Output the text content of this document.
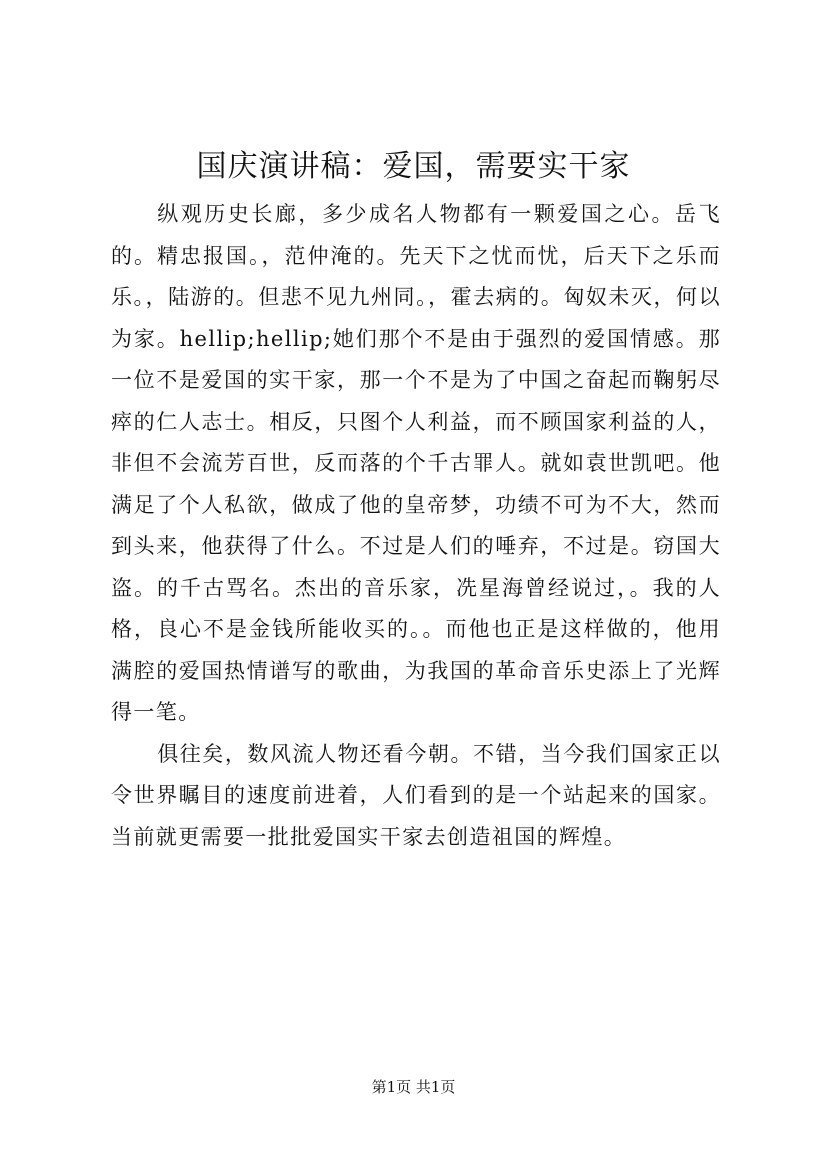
国庆演讲稿：爱国，需要实干家

纵观历史长廊，多少成名人物都有一颗爱国之心。岳飞的。精忠报国。，范仲淹的。先天下之忧而忧，后天下之乐而乐。，陆游的。但悲不见九州同。，霍去病的。匈奴未灭，何以为家。hellip;hellip;她们那个不是由于强烈的爱国情感。那一位不是爱国的实干家，那一个不是为了中国之奋起而鞠躬尽瘁的仁人志士。相反，只图个人利益，而不顾国家利益的人，非但不会流芳百世，反而落的个千古罪人。就如袁世凯吧。他满足了个人私欲，做成了他的皇帝梦，功绩不可为不大，然而到头来，他获得了什么。不过是人们的唾弃，不过是。窃国大盗。的千古骂名。杰出的音乐家，冼星海曾经说过，。我的人格，良心不是金钱所能收买的。。而他也正是这样做的，他用满腔的爱国热情谱写的歌曲，为我国的革命音乐史添上了光辉得一笔。

俱往矣，数风流人物还看今朝。不错，当今我们国家正以令世界瞩目的速度前进着，人们看到的是一个站起来的国家。当前就更需要一批批爱国实干家去创造祖国的辉煌。

第1页 共1页
